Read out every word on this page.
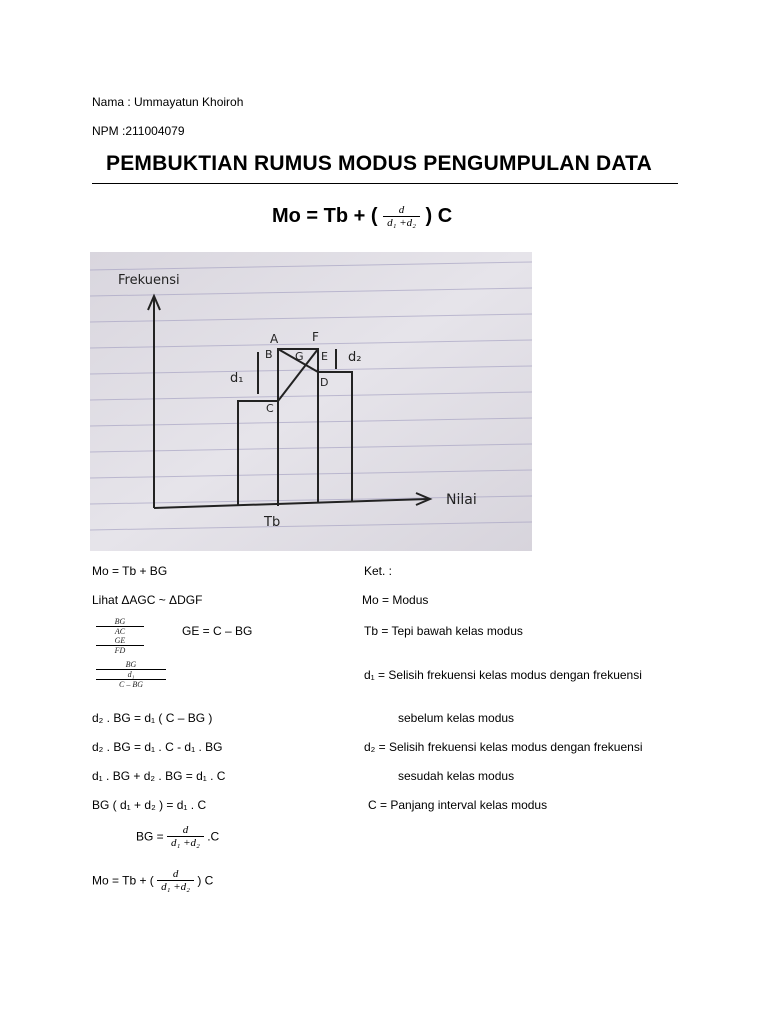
Nama : Ummayatun Khoiroh
NPM :211004079
PEMBUKTIAN RUMUS MODUS PENGUMPULAN DATA
Mo = Tb + ( $\frac{d}{\text{d₁ +d₂}}$ ) C
Frekuensi
Nilai
A	F
B G E
C
D
d₁
d₂
Tb
Mo = Tb + BG
Lihat ΔAGC ~ ΔDGF
BG
AC
GE
FD
GE = C – BG
BG
d₁
C – BG
d₂ . BG = d₁ ( C – BG )
d₂ . BG = d₁ . C - d₁ . BG
d₁ . BG + d₂ . BG = d₁ . C
BG ( d₁ + d₂ ) = d₁ . C
BG = $\frac{d}{\text{d₁ +d₂}} .C$
Mo = Tb + ( $\frac{d}{\text{d₁ +d₂}}$ ) C
Ket. :
Mo = Modus
Tb = Tepi bawah kelas modus
d₁ = Selisih frekuensi kelas modus dengan frekuensi
sebelum kelas modus
d₂ = Selisih frekuensi kelas modus dengan frekuensi
sesudah kelas modus
C = Panjang interval kelas modus
